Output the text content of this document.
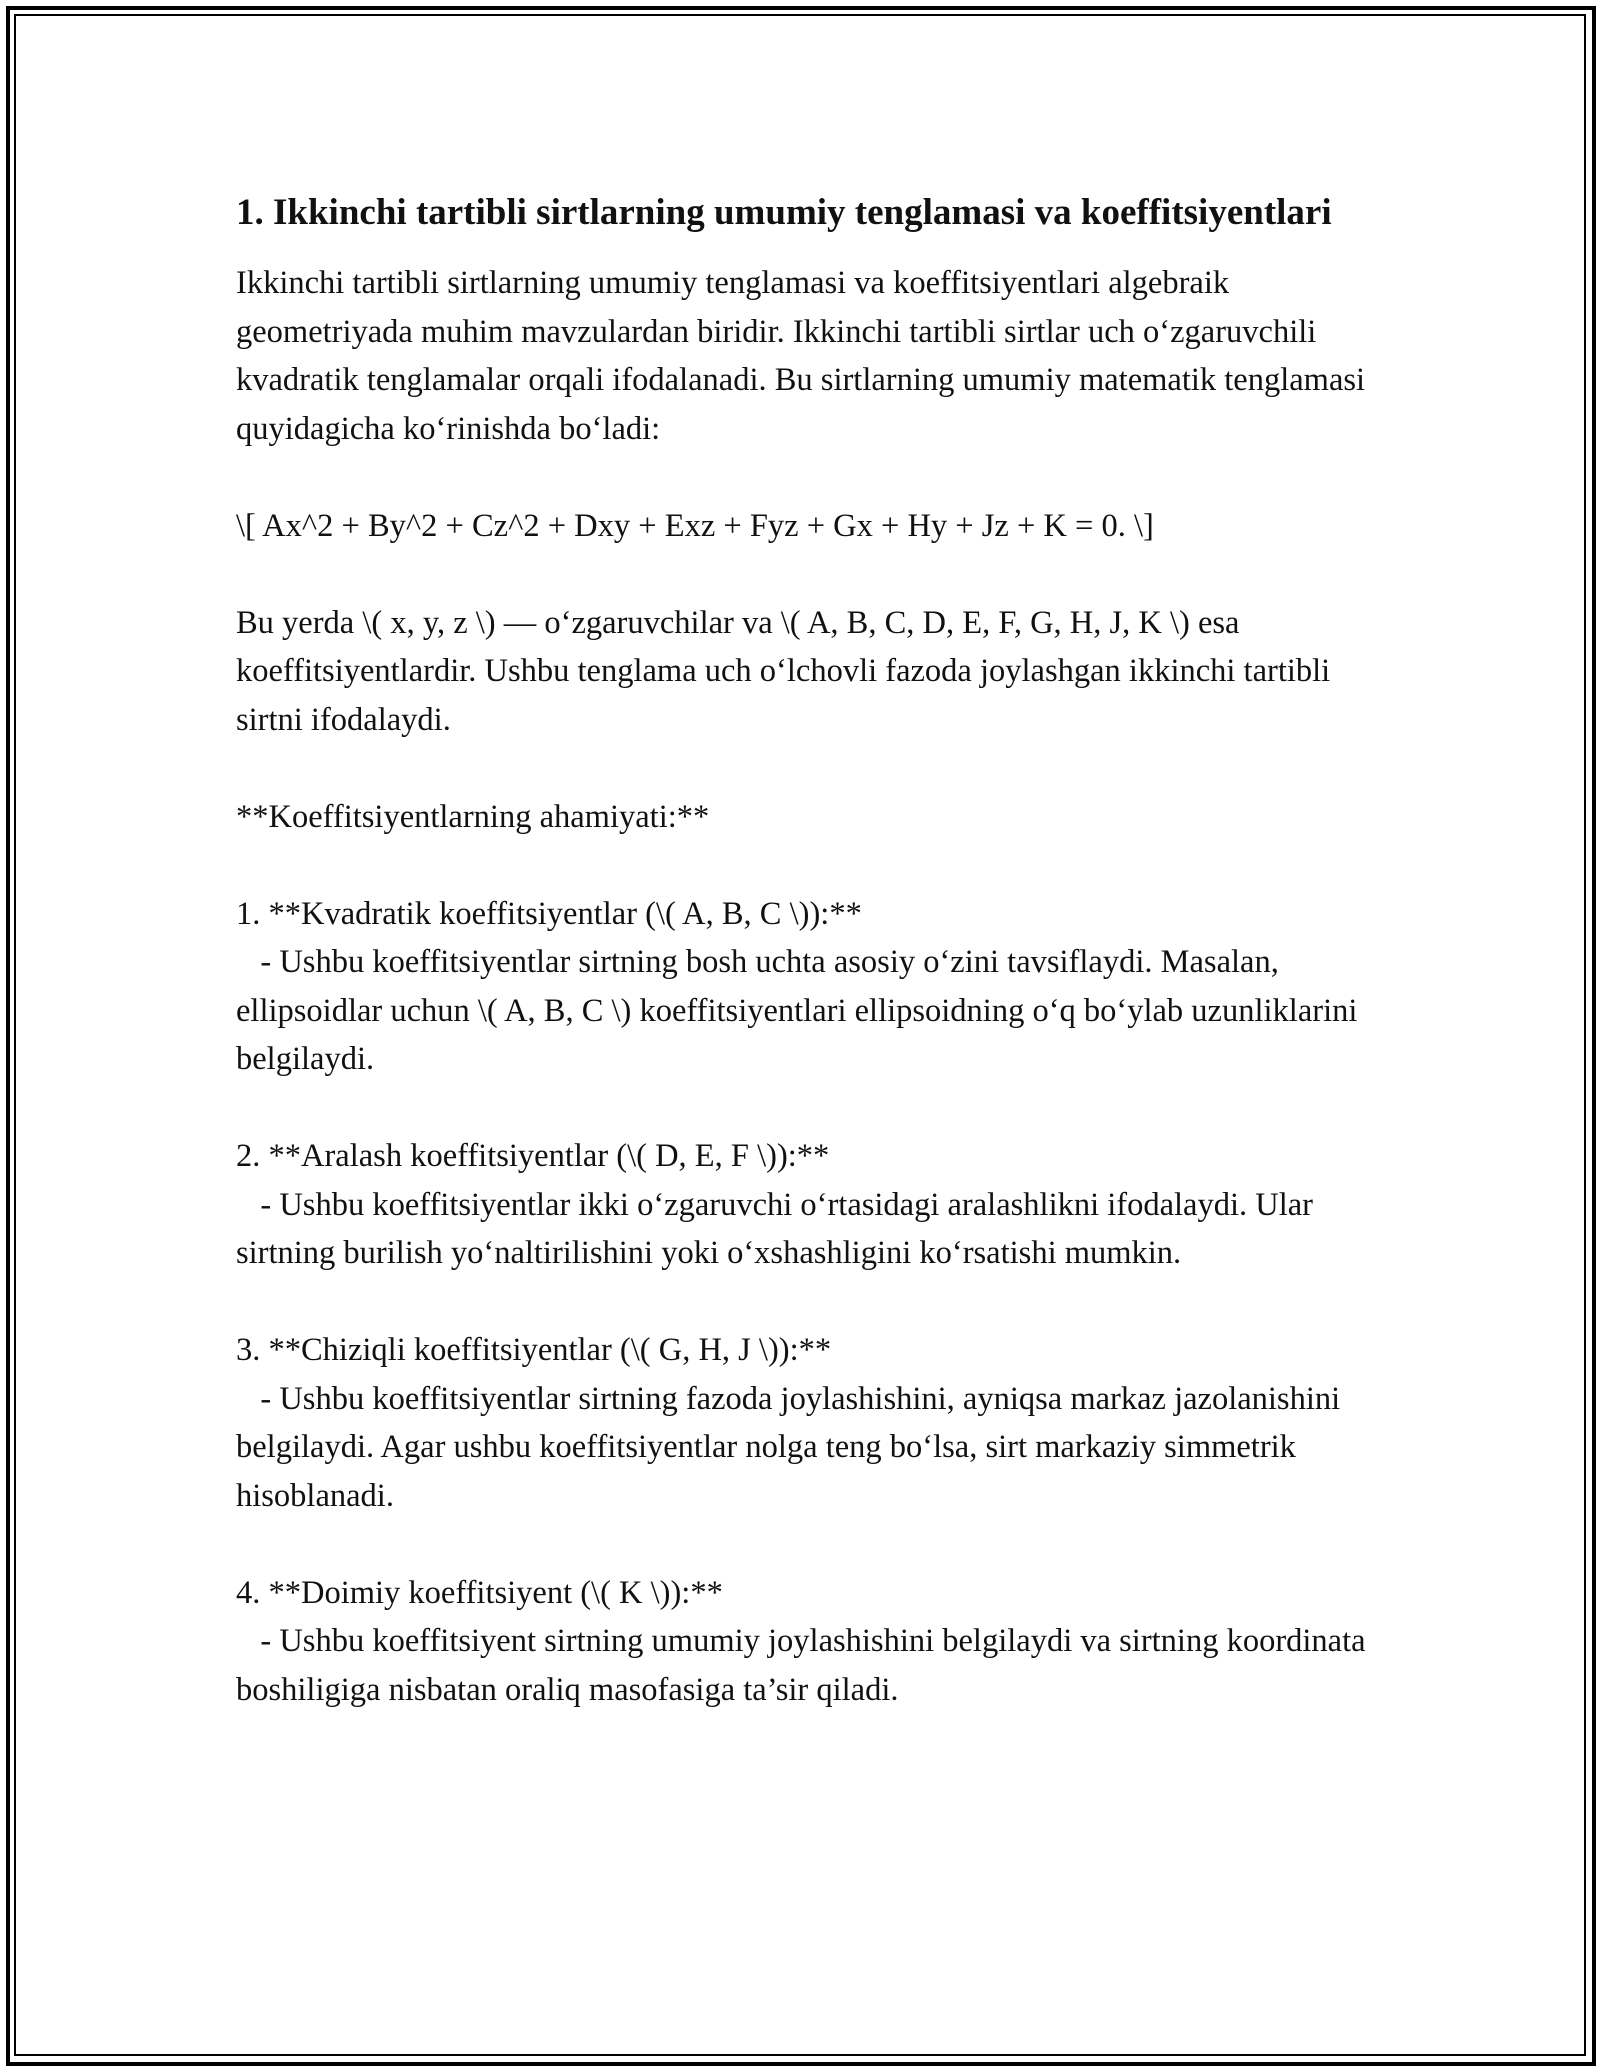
1. Ikkinchi tartibli sirtlarning umumiy tenglamasi va koeffitsiyentlari

Ikkinchi tartibli sirtlarning umumiy tenglamasi va koeffitsiyentlari algebraik geometriyada muhim mavzulardan biridir. Ikkinchi tartibli sirtlar uch o‘zgaruvchili kvadratik tenglamalar orqali ifodalanadi. Bu sirtlarning umumiy matematik tenglamasi quyidagicha ko‘rinishda bo‘ladi:

\[ Ax^2 + By^2 + Cz^2 + Dxy + Exz + Fyz + Gx + Hy + Jz + K = 0. \]

Bu yerda \( x, y, z \) — o‘zgaruvchilar va \( A, B, C, D, E, F, G, H, J, K \) esa koeffitsiyentlardir. Ushbu tenglama uch o‘lchovli fazoda joylashgan ikkinchi tartibli sirtni ifodalaydi.

**Koeffitsiyentlarning ahamiyati:**

1. **Kvadratik koeffitsiyentlar (\( A, B, C \)):**

- Ushbu koeffitsiyentlar sirtning bosh uchta asosiy o‘zini tavsiflaydi. Masalan, ellipsoidlar uchun \( A, B, C \) koeffitsiyentlari ellipsoidning o‘q bo‘ylab uzunliklarini belgilaydi.

2. **Aralash koeffitsiyentlar (\( D, E, F \)):**

- Ushbu koeffitsiyentlar ikki o‘zgaruvchi o‘rtasidagi aralashlikni ifodalaydi. Ular sirtning burilish yo‘naltirilishini yoki o‘xshashligini ko‘rsatishi mumkin.

3. **Chiziqli koeffitsiyentlar (\( G, H, J \)):**

- Ushbu koeffitsiyentlar sirtning fazoda joylashishini, ayniqsa markaz jazolanishini belgilaydi. Agar ushbu koeffitsiyentlar nolga teng bo‘lsa, sirt markaziy simmetrik hisoblanadi.

4. **Doimiy koeffitsiyent (\( K \)):**

- Ushbu koeffitsiyent sirtning umumiy joylashishini belgilaydi va sirtning koordinata boshiligiga nisbatan oraliq masofasiga ta’sir qiladi.
